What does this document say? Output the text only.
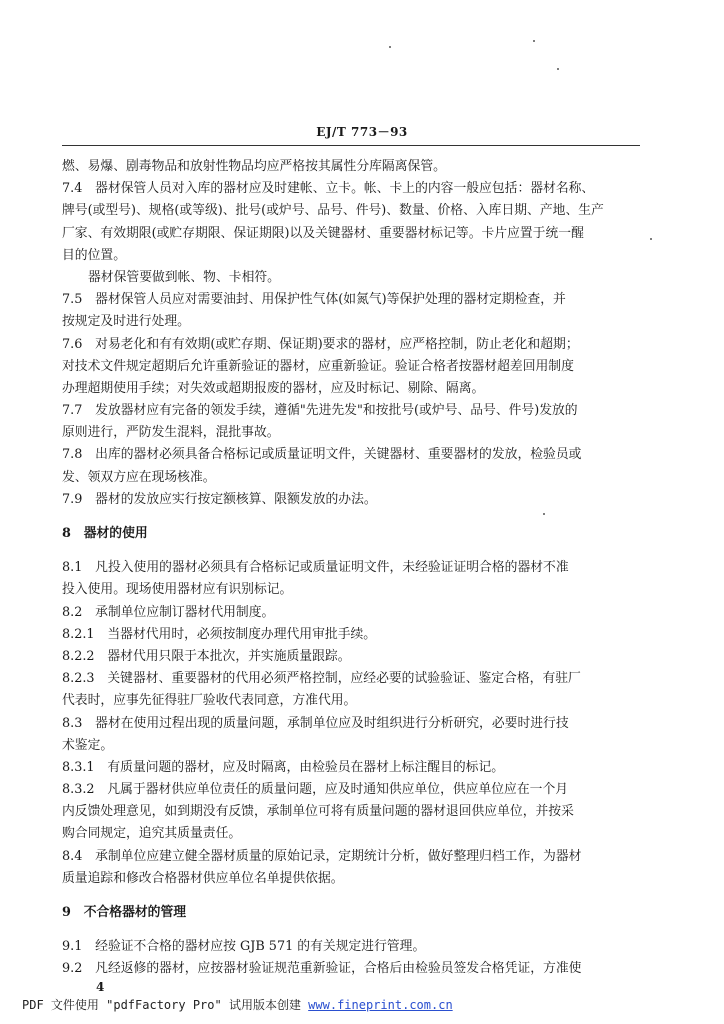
EJ/T 773－93
燃、易爆、剧毒物品和放射性物品均应严格按其属性分库隔离保管。
7.4　器材保管人员对入库的器材应及时建帐、立卡。帐、卡上的内容一般应包括：器材名称、
牌号(或型号)、规格(或等级)、批号(或炉号、品号、件号)、数量、价格、入库日期、产地、生产
厂家、有效期限(或贮存期限、保证期限)以及关键器材、重要器材标记等。卡片应置于统一醒
目的位置。
器材保管要做到帐、物、卡相符。
7.5　器材保管人员应对需要油封、用保护性气体(如氮气)等保护处理的器材定期检查，并
按规定及时进行处理。
7.6　对易老化和有有效期(或贮存期、保证期)要求的器材，应严格控制，防止老化和超期；
对技术文件规定超期后允许重新验证的器材，应重新验证。验证合格者按器材超差回用制度
办理超期使用手续；对失效或超期报废的器材，应及时标记、剔除、隔离。
7.7　发放器材应有完备的领发手续，遵循"先进先发"和按批号(或炉号、品号、件号)发放的
原则进行，严防发生混料，混批事故。
7.8　出库的器材必须具备合格标记或质量证明文件，关键器材、重要器材的发放，检验员或
发、领双方应在现场核准。
7.9　器材的发放应实行按定额核算、限额发放的办法。
8　器材的使用
8.1　凡投入使用的器材必须具有合格标记或质量证明文件，未经验证证明合格的器材不准
投入使用。现场使用器材应有识别标记。
8.2　承制单位应制订器材代用制度。
8.2.1　当器材代用时，必须按制度办理代用审批手续。
8.2.2　器材代用只限于本批次，并实施质量跟踪。
8.2.3　关键器材、重要器材的代用必须严格控制，应经必要的试验验证、鉴定合格，有驻厂
代表时，应事先征得驻厂验收代表同意，方准代用。
8.3　器材在使用过程出现的质量问题，承制单位应及时组织进行分析研究，必要时进行技
术鉴定。
8.3.1　有质量问题的器材，应及时隔离，由检验员在器材上标注醒目的标记。
8.3.2　凡属于器材供应单位责任的质量问题，应及时通知供应单位，供应单位应在一个月
内反馈处理意见，如到期没有反馈，承制单位可将有质量问题的器材退回供应单位，并按采
购合同规定，追究其质量责任。
8.4　承制单位应建立健全器材质量的原始记录，定期统计分析，做好整理归档工作，为器材
质量追踪和修改合格器材供应单位名单提供依据。
9　不合格器材的管理
9.1　经验证不合格的器材应按 GJB 571 的有关规定进行管理。
9.2　凡经返修的器材，应按器材验证规范重新验证，合格后由检验员签发合格凭证，方准使
4
PDF 文件使用 "pdfFactory Pro" 试用版本创建 www.fineprint.com.cn
